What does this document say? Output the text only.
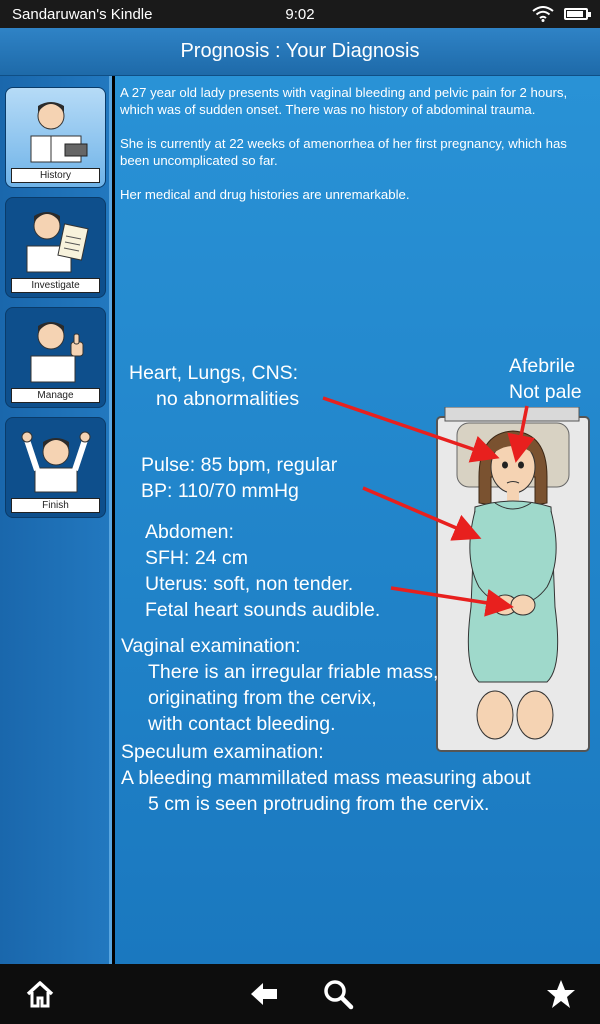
Sandaruwan's Kindle	9:02
Prognosis : Your Diagnosis
History
Investigate
Manage
Finish

A 27 year old lady presents with vaginal bleeding and pelvic pain for 2 hours, which was of sudden onset. There was no history of abdominal trauma.

She is currently at 22 weeks of amenorrhea of her first pregnancy, which has been uncomplicated so far.

Her medical and drug histories are unremarkable.

Heart, Lungs, CNS:
no abnormalities
Afebrile
Not pale
Pulse: 85 bpm, regular
BP: 110/70 mmHg
Abdomen:
SFH: 24 cm
Uterus: soft, non tender.
Fetal heart sounds audible.
Vaginal examination:
There is an irregular friable mass,
originating from the cervix,
with contact bleeding.
Speculum examination:
A bleeding mammillated mass measuring about
5 cm is seen protruding from the cervix.
